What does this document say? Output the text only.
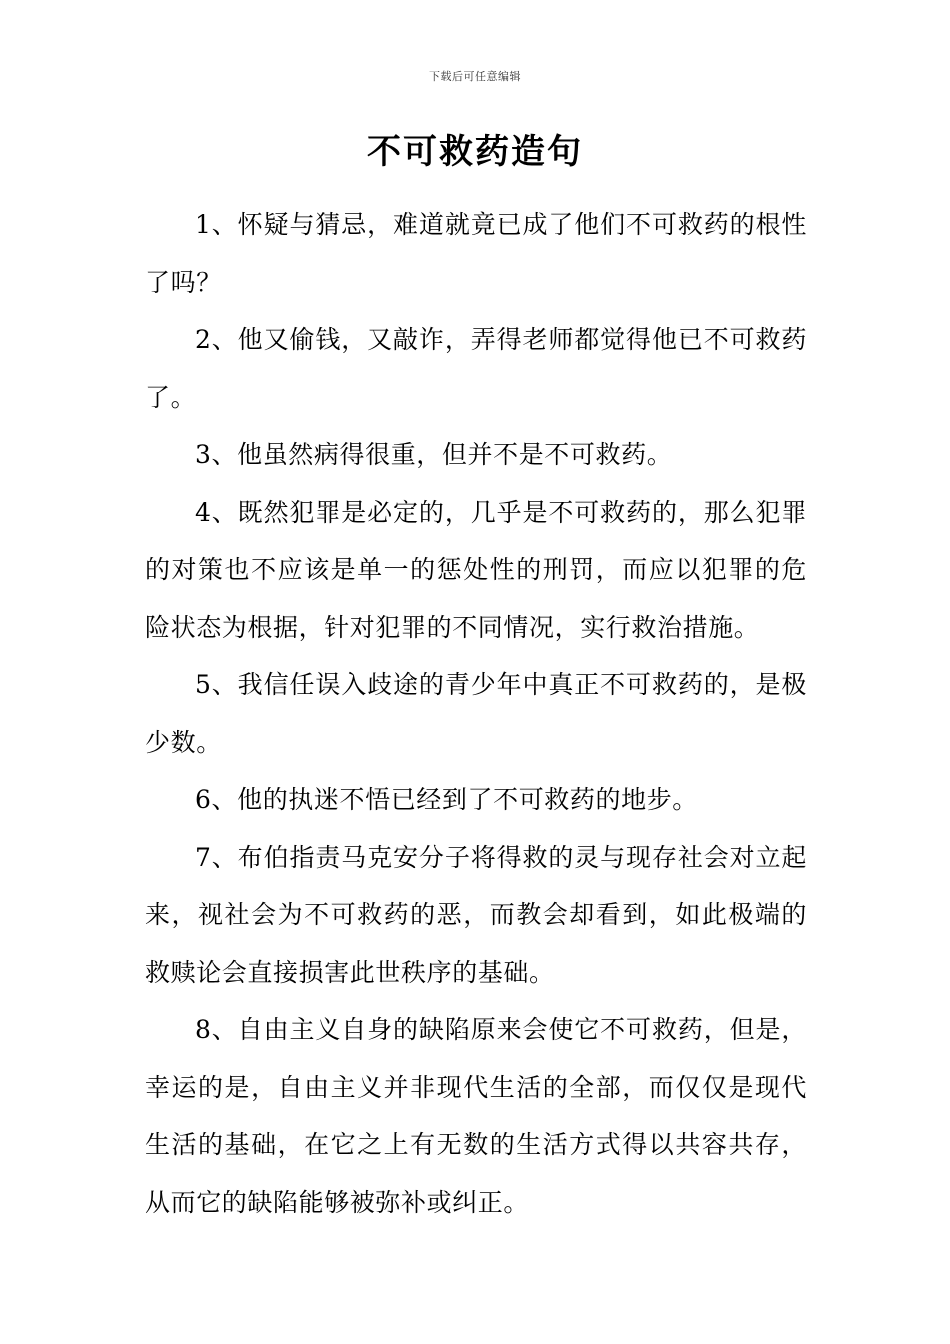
下载后可任意编辑
不可救药造句

1、怀疑与猜忌，难道就竟已成了他们不可救药的根性了吗？

2、他又偷钱，又敲诈，弄得老师都觉得他已不可救药了。

3、他虽然病得很重，但并不是不可救药。

4、既然犯罪是必定的，几乎是不可救药的，那么犯罪的对策也不应该是单一的惩处性的刑罚，而应以犯罪的危险状态为根据，针对犯罪的不同情况，实行救治措施。

5、我信任误入歧途的青少年中真正不可救药的，是极少数。

6、他的执迷不悟已经到了不可救药的地步。

7、布伯指责马克安分子将得救的灵与现存社会对立起来，视社会为不可救药的恶，而教会却看到，如此极端的救赎论会直接损害此世秩序的基础。

8、自由主义自身的缺陷原来会使它不可救药，但是，幸运的是，自由主义并非现代生活的全部，而仅仅是现代生活的基础，在它之上有无数的生活方式得以共容共存，从而它的缺陷能够被弥补或纠正。
